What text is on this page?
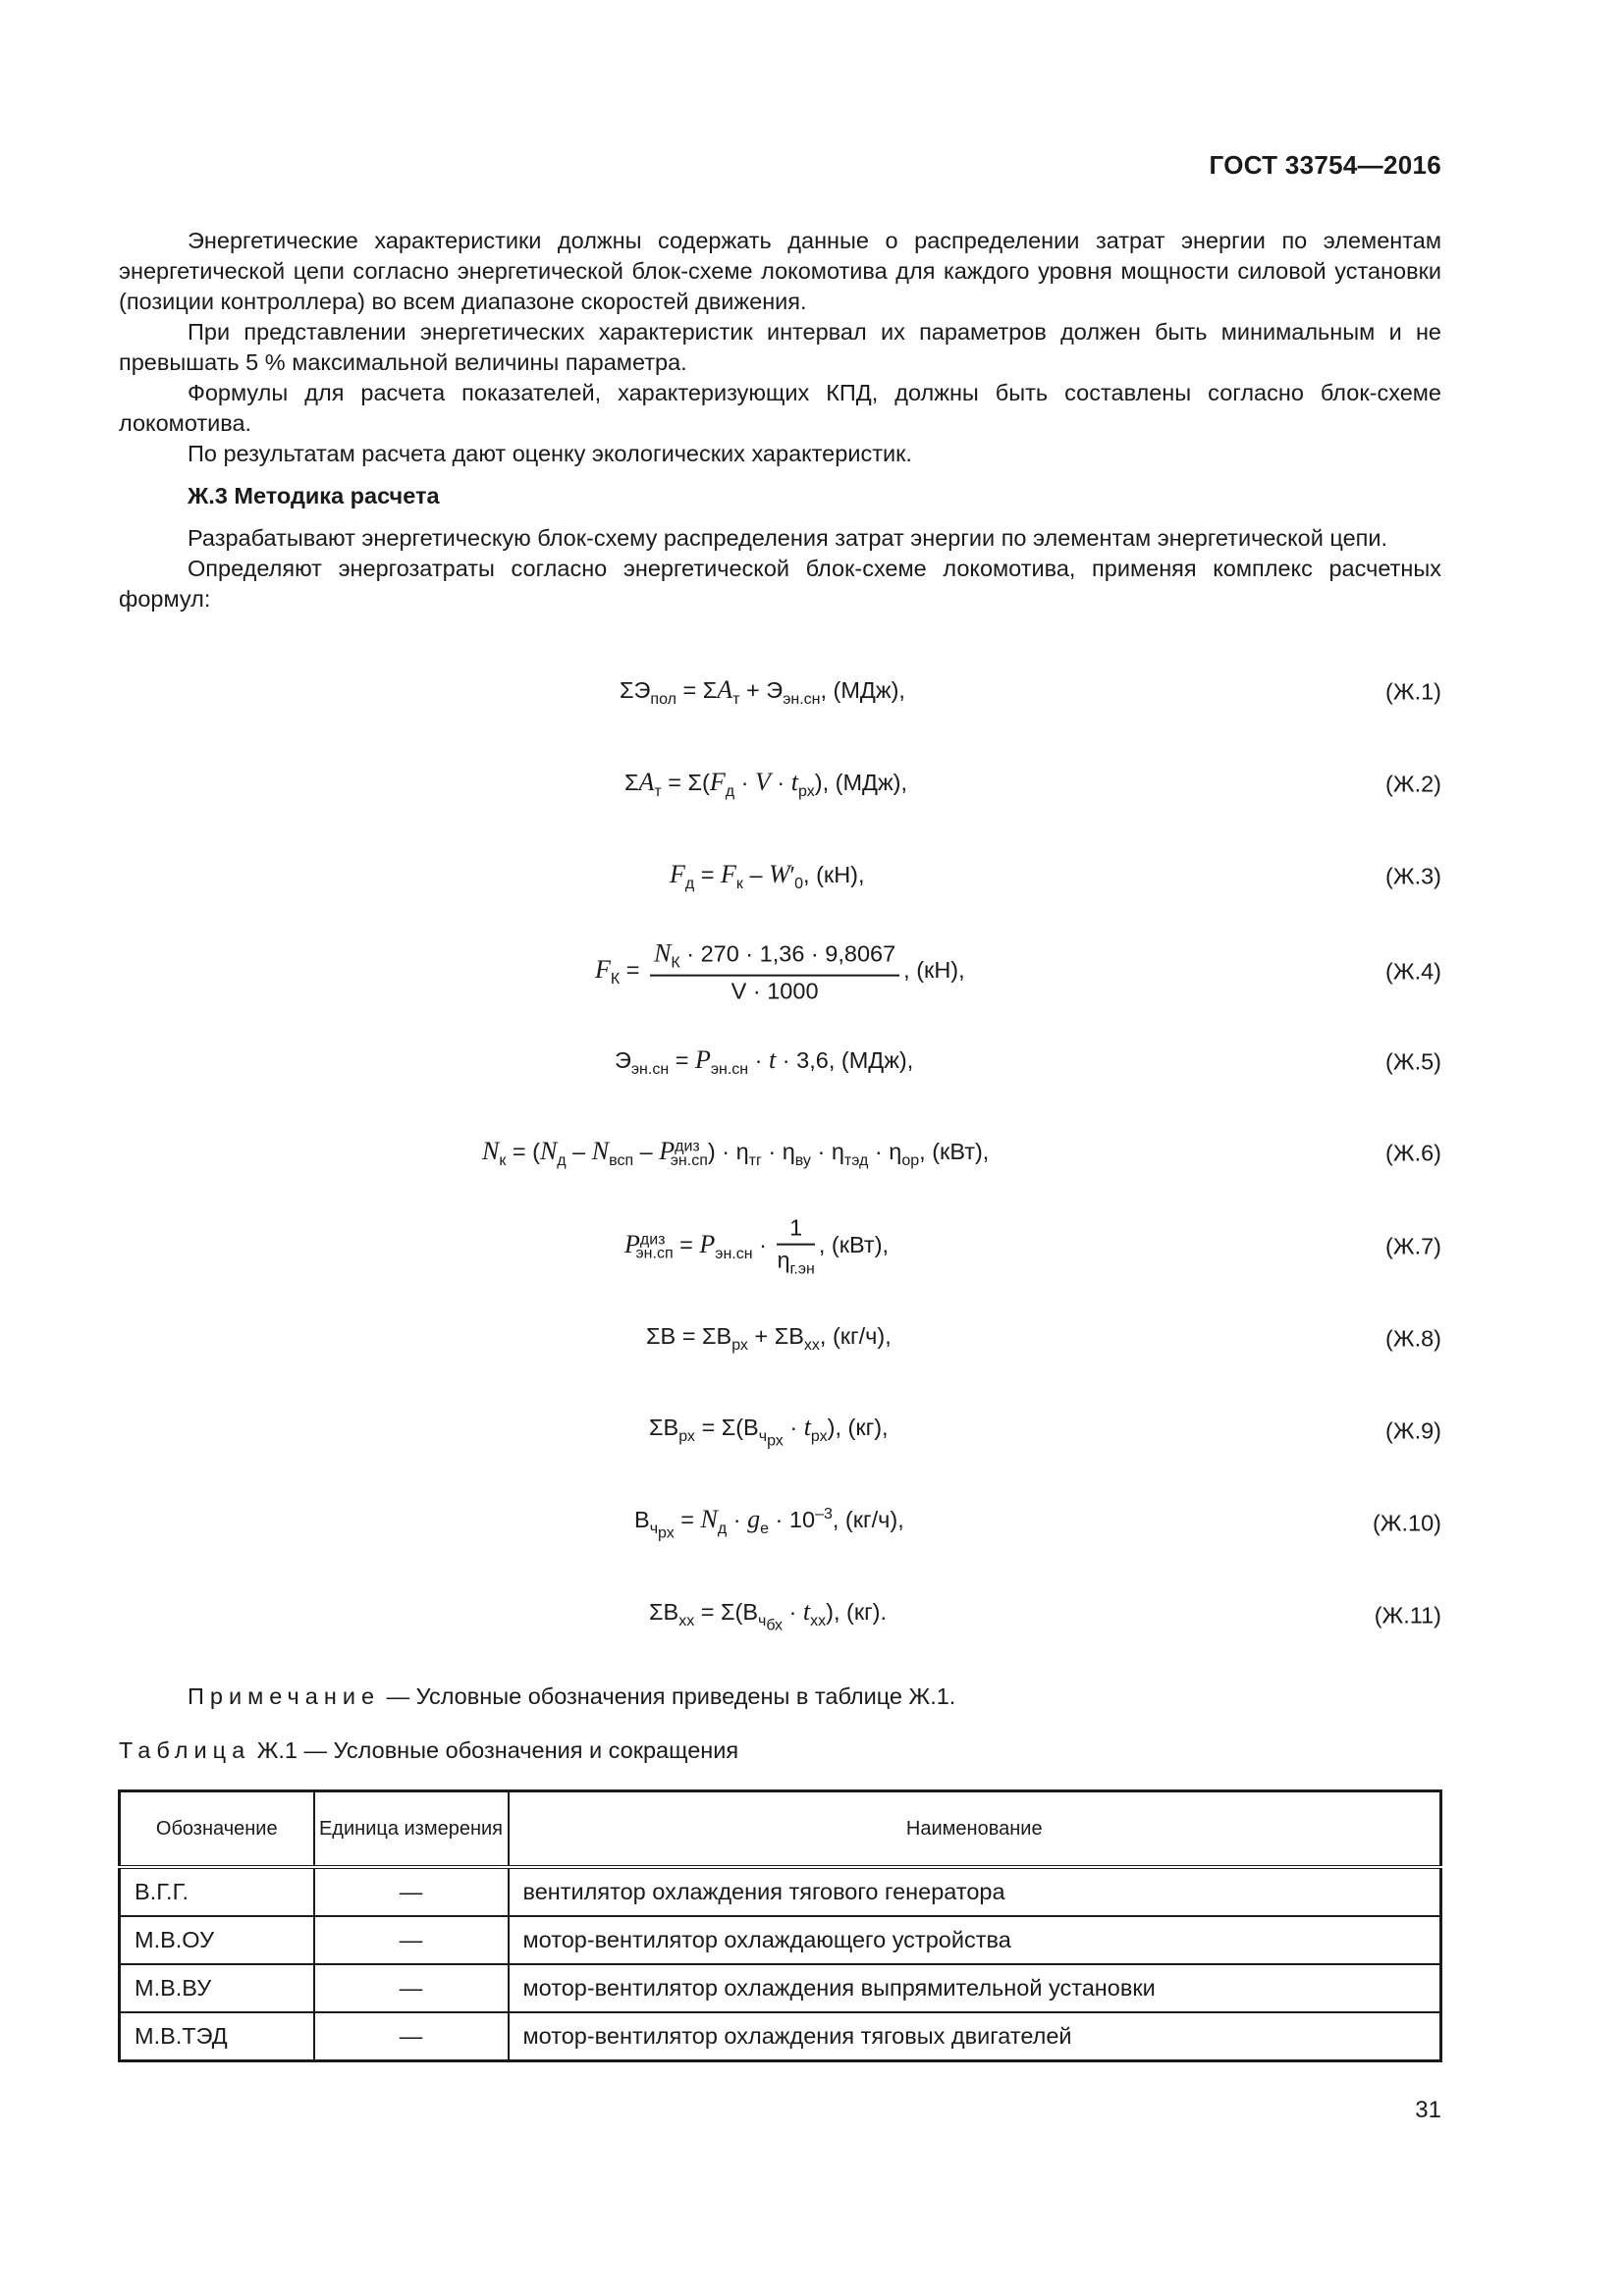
ГОСТ 33754—2016

Энергетические характеристики должны содержать данные о распределении затрат энергии по элементам энергетической цепи согласно энергетической блок-схеме локомотива для каждого уровня мощности силовой установки (позиции контроллера) во всем диапазоне скоростей движения.

При представлении энергетических характеристик интервал их параметров должен быть минимальным и не превышать 5 % максимальной величины параметра.

Формулы для расчета показателей, характеризующих КПД, должны быть составлены согласно блок-схеме локомотива.

По результатам расчета дают оценку экологических характеристик.

Ж.3 Методика расчета

Разрабатывают энергетическую блок-схему распределения затрат энергии по элементам энергетической цепи.

Определяют энергозатраты согласно энергетической блок-схеме локомотива, применяя комплекс расчетных формул:

$\Sigma Э_{пол} = \Sigma A_т + Э_{эн.сн}$, (МДж),	(Ж.1)
$\Sigma A_т = \Sigma(F_д \cdot V \cdot t_{рх})$, (МДж),	(Ж.2)
$F_д = F_к - W'_0$, (кН),	(Ж.3)
$F_К = \frac{N_К \cdot 270 \cdot 1,36 \cdot 9,8067}{V \cdot 1000}$ , (кН),	(Ж.4)
$Э_{эн.сн} = P_{эн.сн} \cdot t \cdot 3,6$, (МДж),	(Ж.5)
$N_к = (N_д - N_{всп} - P^{диз}_{эн.сп}) \cdot \eta_{тг} \cdot \eta_{ву} \cdot \eta_{тэд} \cdot \eta_{ор}$, (кВт),	(Ж.6)
$P^{диз}_{эн.сп} = P_{эн.сн} \cdot \frac{1}{\eta_{г.эн}}$ , (кВт),	(Ж.7)
$\Sigma В = \Sigma В_{рх} + \Sigma В_{хх}$, (кг/ч),	(Ж.8)
$\Sigma В_{рх} = \Sigma(В_{ч_{рх}} \cdot t_{рх})$, (кг),	(Ж.9)
$В_{ч_{рх}} = N_д \cdot g_е \cdot 10^{-3}$, (кг/ч),	(Ж.10)
$\Sigma В_{хх} = \Sigma(В_{ч_{бх}} \cdot t_{хх})$, (кг).	(Ж.11)
Примечание — Условные обозначения приведены в таблице Ж.1.
Таблица Ж.1 — Условные обозначения и сокращения
Обозначение	Единица измерения	Наименование
В.Г.Г.	—	вентилятор охлаждения тягового генератора
М.В.ОУ	—	мотор-вентилятор охлаждающего устройства
М.В.ВУ	—	мотор-вентилятор охлаждения выпрямительной установки
М.В.ТЭД	—	мотор-вентилятор охлаждения тяговых двигателей
31
